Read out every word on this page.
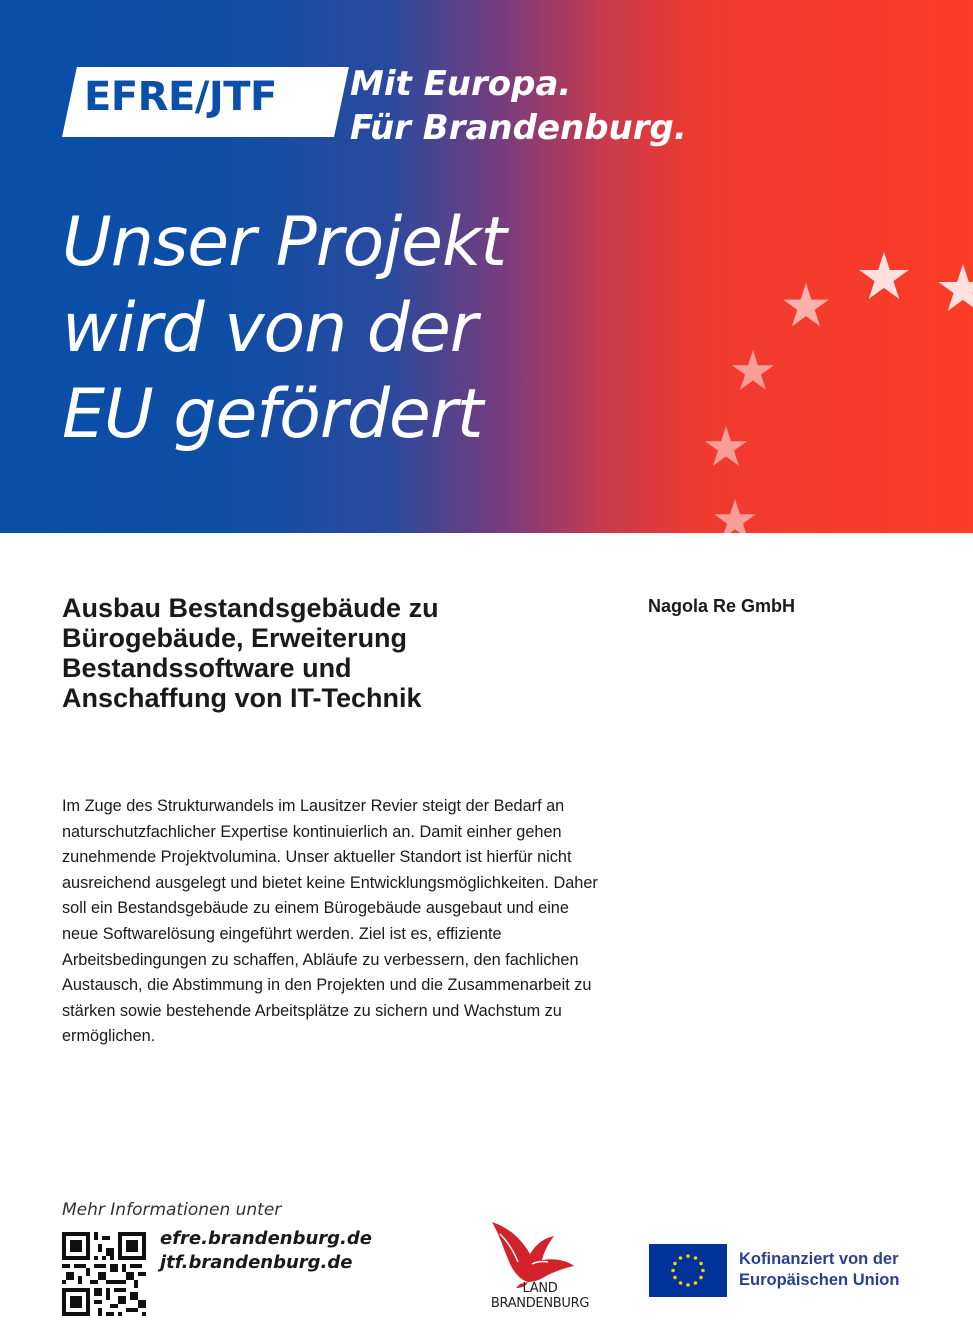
EFRE/JTF Mit Europa.
Für Brandenburg.
Unser Projekt
wird von der
EU gefördert
Ausbau Bestandsgebäude zu
Bürogebäude, Erweiterung
Bestandssoftware und
Anschaffung von IT-Technik
Nagola Re GmbH
Im Zuge des Strukturwandels im Lausitzer Revier steigt der Bedarf an naturschutzfachlicher Expertise kontinuierlich an. Damit einher gehen zunehmende Projektvolumina. Unser aktueller Standort ist hierfür nicht ausreichend ausgelegt und bietet keine Entwicklungsmöglichkeiten. Daher soll ein Bestandsgebäude zu einem Bürogebäude ausgebaut und eine neue Softwarelösung eingeführt werden. Ziel ist es, effiziente Arbeitsbedingungen zu schaffen, Abläufe zu verbessern, den fachlichen Austausch, die Abstimmung in den Projekten und die Zusammenarbeit zu stärken sowie bestehende Arbeitsplätze zu sichern und Wachstum zu ermöglichen.
Mehr Informationen unter
efre.brandenburg.de
jtf.brandenburg.de
LAND
BRANDENBURG
Kofinanziert von der
Europäischen Union
